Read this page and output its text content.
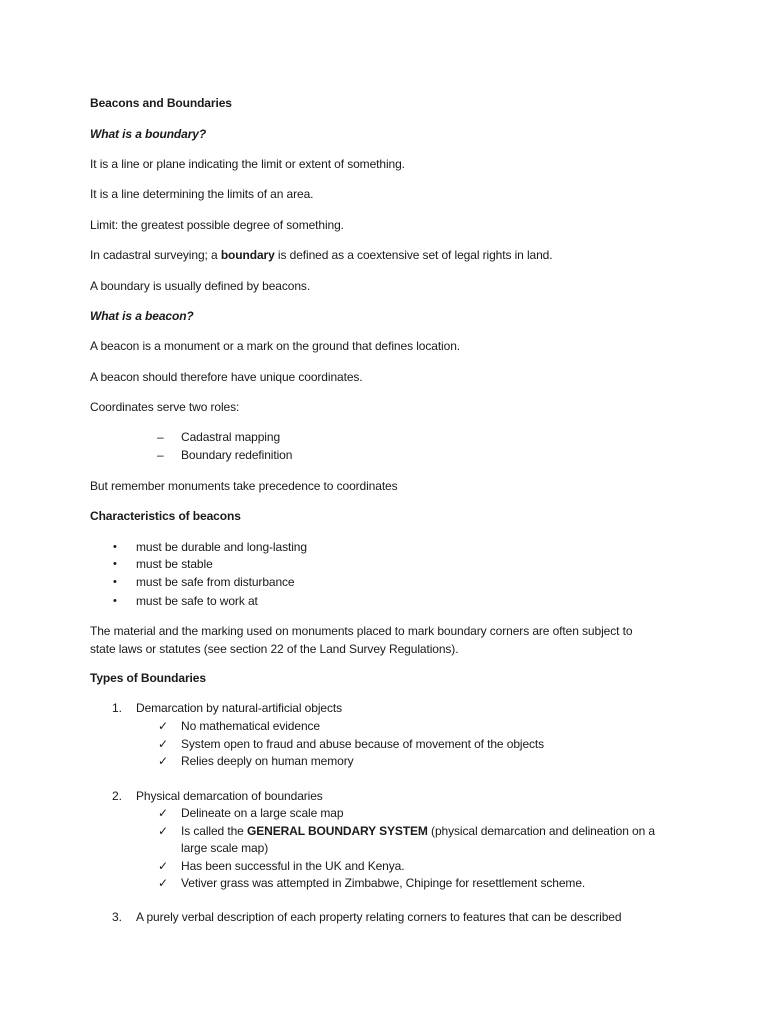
Beacons and Boundaries
What is a boundary?
It is a line or plane indicating the limit or extent of something.
It is a line determining the limits of an area.
Limit: the greatest possible degree of something.
In cadastral surveying; a boundary is defined as a coextensive set of legal rights in land.
A boundary is usually defined by beacons.
What is a beacon?
A beacon is a monument or a mark on the ground that defines location.
A beacon should therefore have unique coordinates.
Coordinates serve two roles:
– Cadastral mapping
– Boundary redefinition
But remember monuments take precedence to coordinates
Characteristics of beacons
• must be durable and long-lasting
• must be stable
• must be safe from disturbance
• must be safe to work at
The material and the marking used on monuments placed to mark boundary corners are often subject to
state laws or statutes (see section 22 of the Land Survey Regulations).
Types of Boundaries
1. Demarcation by natural-artificial objects
✓ No mathematical evidence
✓ System open to fraud and abuse because of movement of the objects
✓ Relies deeply on human memory
2. Physical demarcation of boundaries
✓ Delineate on a large scale map
✓ Is called the GENERAL BOUNDARY SYSTEM (physical demarcation and delineation on a
large scale map)
✓ Has been successful in the UK and Kenya.
✓ Vetiver grass was attempted in Zimbabwe, Chipinge for resettlement scheme.
3. A purely verbal description of each property relating corners to features that can be described
